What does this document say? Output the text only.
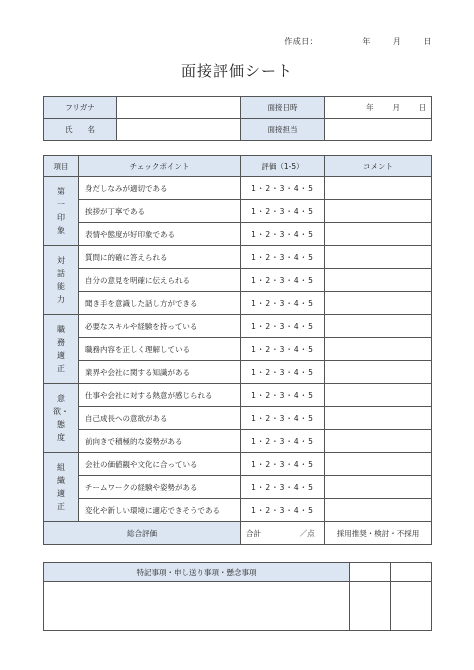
作成日：	年	月	日
面接評価シート
フリガナ		面接日時	年 月 日
氏　　名		面接担当	
項目	チェックポイント	評価（1-5）	コメント

第
一
印
象	身だしなみが適切である	1・2・3・4・5	
	挨拶が丁寧である	1・2・3・4・5	
	表情や態度が好印象である	1・2・3・4・5	

対
話
能
力	質問に的確に答えられる	1・2・3・4・5	
	自分の意見を明確に伝えられる	1・2・3・4・5	
	聞き手を意識した話し方ができる	1・2・3・4・5	

職
務
適
正	必要なスキルや経験を持っている	1・2・3・4・5	
	職務内容を正しく理解している	1・2・3・4・5	
	業界や会社に関する知識がある	1・2・3・4・5	

意
欲・
態
度	仕事や会社に対する熱意が感じられる	1・2・3・4・5	
	自己成長への意欲がある	1・2・3・4・5	
	前向きで積極的な姿勢がある	1・2・3・4・5	

組
織
適
正	会社の価値観や文化に合っている	1・2・3・4・5	
	チームワークの経験や姿勢がある	1・2・3・4・5	
	変化や新しい環境に適応できそうである	1・2・3・4・5	
総合評価		合計 ／点	採用推奨・検討・不採用
特記事項・申し送り事項・懸念事項		
